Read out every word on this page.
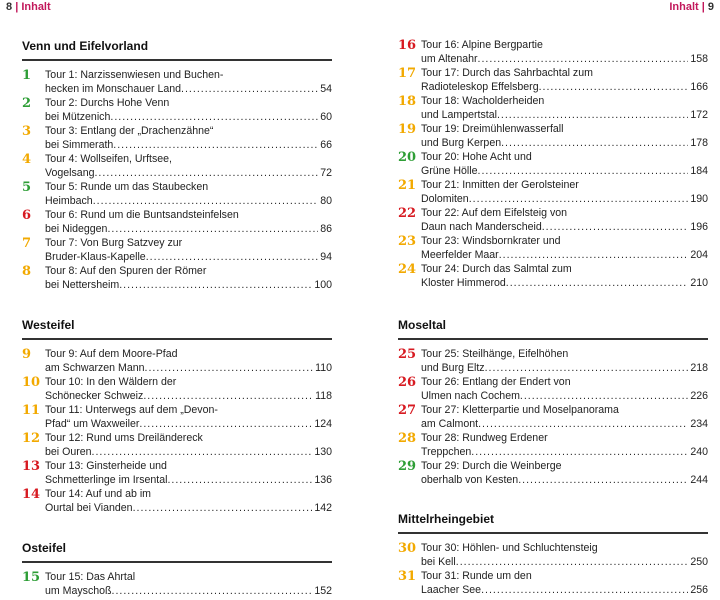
8 | Inhalt	Inhalt | 9
Venn und Eifelvorland
1	Tour 1: Narzissenwiesen und Buchen-
hecken im Monschauer Land .....	54
2	Tour 2: Durchs Hohe Venn
bei Mützenich .....	60
3	Tour 3: Entlang der „Drachenzähne“
bei Simmerath .....	66
4	Tour 4: Wollseifen, Urftsee,
Vogelsang .....	72
5	Tour 5: Runde um das Staubecken
Heimbach .....	80
6	Tour 6: Rund um die Buntsandsteinfelsen
bei Nideggen .....	86
7	Tour 7: Von Burg Satzvey zur
Bruder-Klaus-Kapelle .....	94
8	Tour 8: Auf den Spuren der Römer
bei Nettersheim .....	100
Westeifel
9	Tour 9: Auf dem Moore-Pfad
am Schwarzen Mann .....	110
10 Tour 10: In den Wäldern der
Schönecker Schweiz .....	118
11 Tour 11: Unterwegs auf dem „Devon-
Pfad“ um Waxweiler .....	124
12 Tour 12: Rund ums Dreiländereck
bei Ouren .....	130
13 Tour 13: Ginsterheide und
Schmetterlinge im Irsental .....	136
14 Tour 14: Auf und ab im
Ourtal bei Vianden .....	142
Osteifel
15 Tour 15: Das Ahrtal
um Mayschoß .....	152
16 Tour 16: Alpine Bergpartie
um Altenahr .....	158
17 Tour 17: Durch das Sahrbachtal zum
Radioteleskop Effelsberg .....	166
18 Tour 18: Wacholderheiden
und Lampertstal .....	172
19 Tour 19: Dreimühlenwasserfall
und Burg Kerpen .....	178
20 Tour 20: Hohe Acht und
Grüne Hölle .....	184
21 Tour 21: Inmitten der Gerolsteiner
Dolomiten .....	190
22 Tour 22: Auf dem Eifelsteig von
Daun nach Manderscheid .....	196
23 Tour 23: Windsbornkrater und
Meerfelder Maar .....	204
24 Tour 24: Durch das Salmtal zum
Kloster Himmerod .....	210
Moseltal
25 Tour 25: Steilhänge, Eifelhöhen
und Burg Eltz .....	218
26 Tour 26: Entlang der Endert von
Ulmen nach Cochem .....	226
27 Tour 27: Kletterpartie und Moselpanorama
am Calmont .....	234
28 Tour 28: Rundweg Erdener
Treppchen .....	240
29 Tour 29: Durch die Weinberge
oberhalb von Kesten .....	244
Mittelrheingebiet
30 Tour 30: Höhlen- und Schluchtensteig
bei Kell .....	250
31 Tour 31: Runde um den
Laacher See .....	256
